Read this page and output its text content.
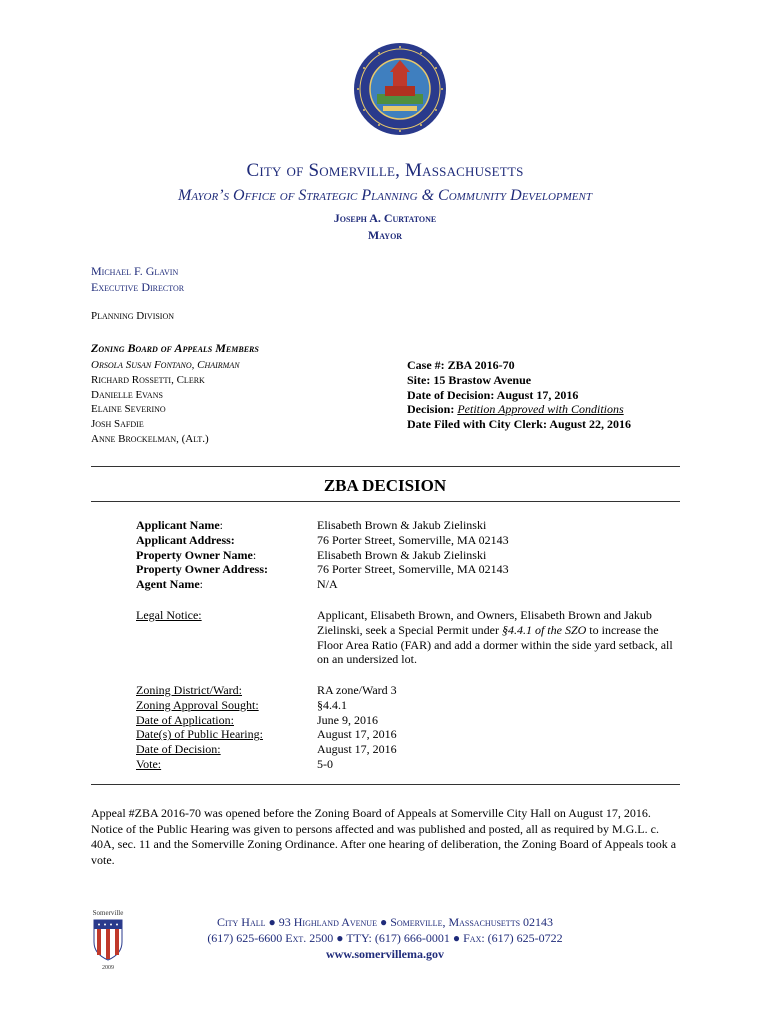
City of Somerville, Massachusetts
Mayor’s Office of Strategic Planning & Community Development
Joseph A. Curtatone
Mayor
Michael F. Glavin
Executive Director
Planning Division
Zoning Board of Appeals Members
Orsola Susan Fontano, Chairman
Richard Rossetti, Clerk
Danielle Evans
Elaine Severino
Josh Safdie
Anne Brockelman, (Alt.)
Case #: ZBA 2016-70
Site: 15 Brastow Avenue
Date of Decision: August 17, 2016
Decision: Petition Approved with Conditions
Date Filed with City Clerk: August 22, 2016
ZBA DECISION
Applicant Name:
Applicant Address:
Property Owner Name:
Property Owner Address:
Agent Name:
Elisabeth Brown & Jakub Zielinski
76 Porter Street, Somerville, MA 02143
Elisabeth Brown & Jakub Zielinski
76 Porter Street, Somerville, MA 02143
N/A
Legal Notice:	Applicant, Elisabeth Brown, and Owners, Elisabeth Brown and Jakub Zielinski, seek a Special Permit under §4.4.1 of the SZO to increase the Floor Area Ratio (FAR) and add a dormer within the side yard setback, all on an undersized lot.
Zoning District/Ward:
Zoning Approval Sought:
Date of Application:
Date(s) of Public Hearing:
Date of Decision:
Vote:
RA zone/Ward 3
§4.4.1
June 9, 2016
August 17, 2016
August 17, 2016
5-0
Appeal #ZBA 2016-70 was opened before the Zoning Board of Appeals at Somerville City Hall on August 17, 2016. Notice of the Public Hearing was given to persons affected and was published and posted, all as required by M.G.L. c. 40A, sec. 11 and the Somerville Zoning Ordinance. After one hearing of deliberation, the Zoning Board of Appeals took a vote.
Somerville
2009
City Hall ● 93 Highland Avenue ● Somerville, Massachusetts 02143
(617) 625-6600 Ext. 2500 ● TTY: (617) 666-0001 ● Fax: (617) 625-0722
www.somervillema.gov
